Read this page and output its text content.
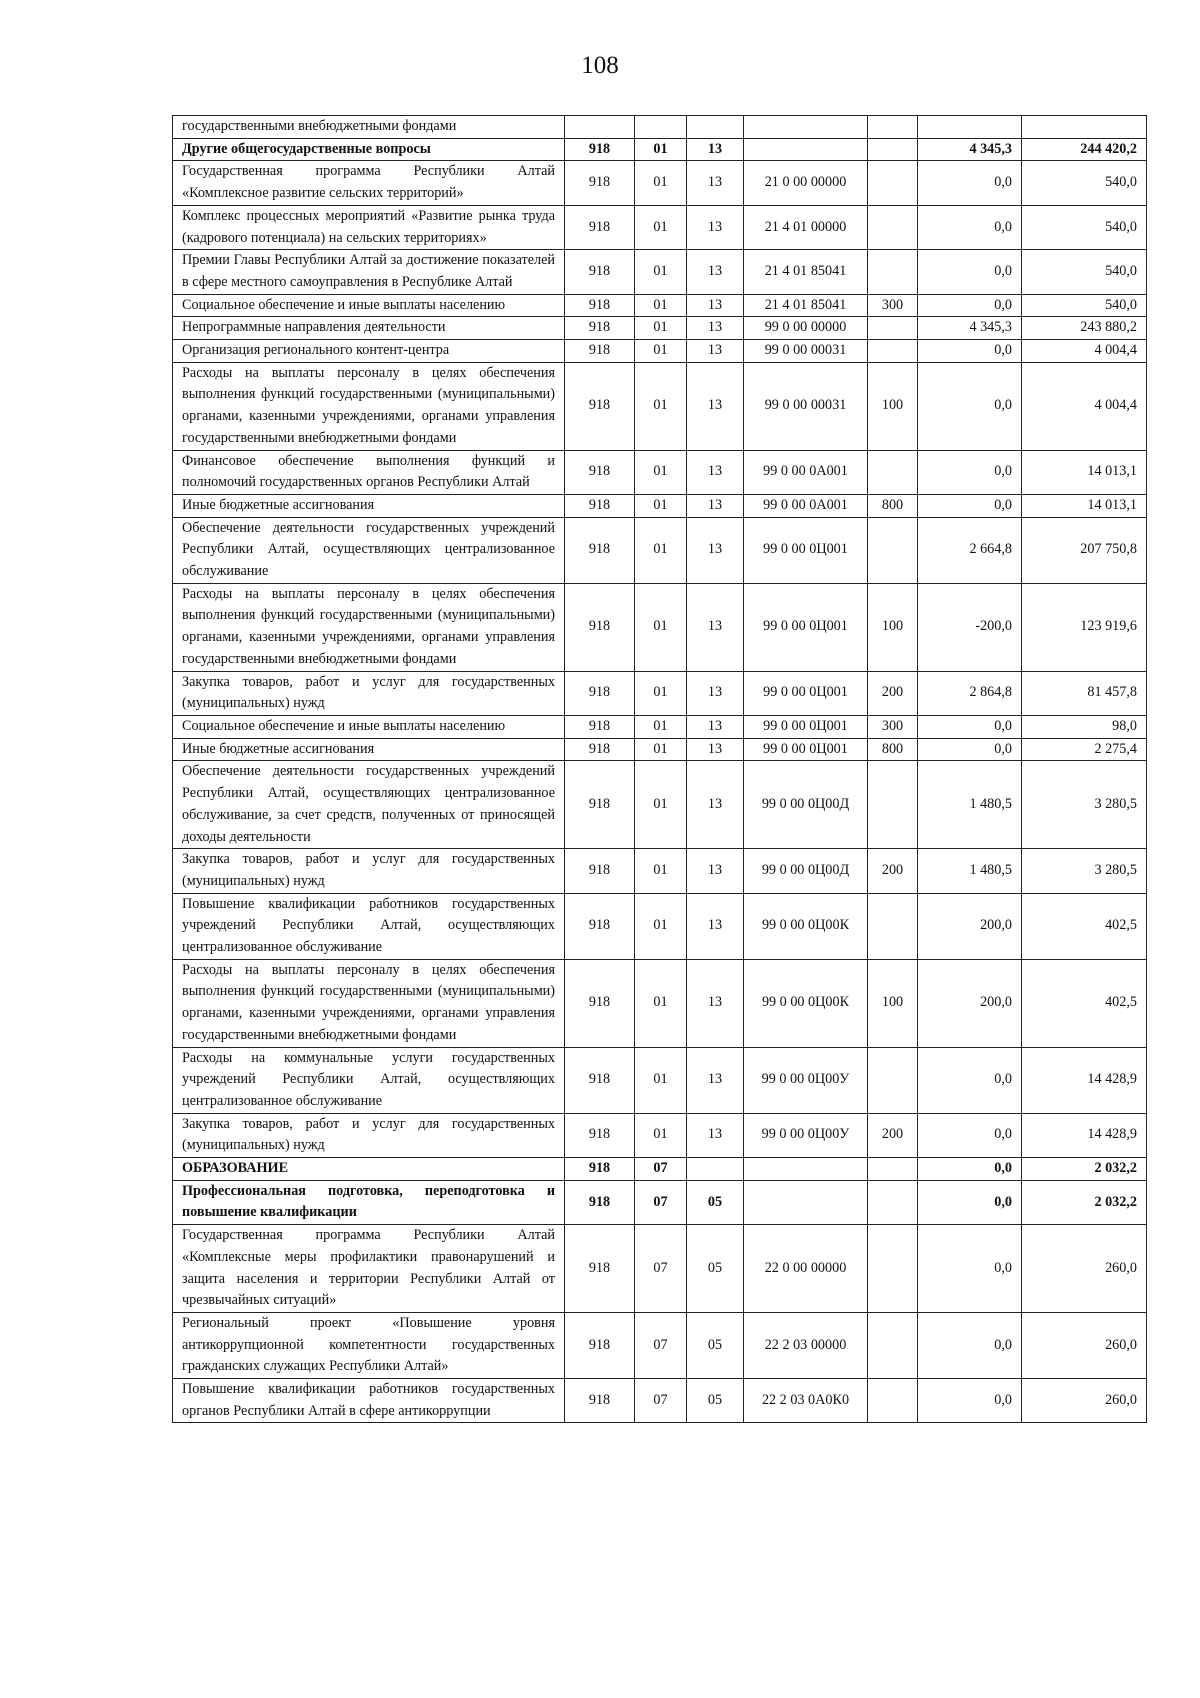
108
государственными внебюджетными фондами							
Другие общегосударственные вопросы	918	01	13			4 345,3	244 420,2
Государственная программа Республики Алтай «Комплексное развитие сельских территорий»	918	01	13	21 0 00 00000		0,0	540,0
Комплекс процессных мероприятий «Развитие рынка труда (кадрового потенциала) на сельских территориях»	918	01	13	21 4 01 00000		0,0	540,0
Премии Главы Республики Алтай за достижение показателей в сфере местного самоуправления в Республике Алтай	918	01	13	21 4 01 85041		0,0	540,0
Социальное обеспечение и иные выплаты населению	918	01	13	21 4 01 85041	300	0,0	540,0
Непрограммные направления деятельности	918	01	13	99 0 00 00000		4 345,3	243 880,2
Организация регионального контент-центра	918	01	13	99 0 00 00031		0,0	4 004,4
Расходы на выплаты персоналу в целях обеспечения выполнения функций государственными (муниципальными) органами, казенными учреждениями, органами управления государственными внебюджетными фондами	918	01	13	99 0 00 00031	100	0,0	4 004,4
Финансовое обеспечение выполнения функций и полномочий государственных органов Республики Алтай	918	01	13	99 0 00 0А001		0,0	14 013,1
Иные бюджетные ассигнования	918	01	13	99 0 00 0А001	800	0,0	14 013,1
Обеспечение деятельности государственных учреждений Республики Алтай, осуществляющих централизованное обслуживание	918	01	13	99 0 00 0Ц001		2 664,8	207 750,8
Расходы на выплаты персоналу в целях обеспечения выполнения функций государственными (муниципальными) органами, казенными учреждениями, органами управления государственными внебюджетными фондами	918	01	13	99 0 00 0Ц001	100	-200,0	123 919,6
Закупка товаров, работ и услуг для государственных (муниципальных) нужд	918	01	13	99 0 00 0Ц001	200	2 864,8	81 457,8
Социальное обеспечение и иные выплаты населению	918	01	13	99 0 00 0Ц001	300	0,0	98,0
Иные бюджетные ассигнования	918	01	13	99 0 00 0Ц001	800	0,0	2 275,4
Обеспечение деятельности государственных учреждений Республики Алтай, осуществляющих централизованное обслуживание, за счет средств, полученных от приносящей доходы деятельности	918	01	13	99 0 00 0Ц00Д		1 480,5	3 280,5
Закупка товаров, работ и услуг для государственных (муниципальных) нужд	918	01	13	99 0 00 0Ц00Д	200	1 480,5	3 280,5
Повышение квалификации работников государственных учреждений Республики Алтай, осуществляющих централизованное обслуживание	918	01	13	99 0 00 0Ц00К		200,0	402,5
Расходы на выплаты персоналу в целях обеспечения выполнения функций государственными (муниципальными) органами, казенными учреждениями, органами управления государственными внебюджетными фондами	918	01	13	99 0 00 0Ц00К	100	200,0	402,5
Расходы на коммунальные услуги государственных учреждений Республики Алтай, осуществляющих централизованное обслуживание	918	01	13	99 0 00 0Ц00У		0,0	14 428,9
Закупка товаров, работ и услуг для государственных (муниципальных) нужд	918	01	13	99 0 00 0Ц00У	200	0,0	14 428,9
ОБРАЗОВАНИЕ	918	07				0,0	2 032,2
Профессиональная подготовка, переподготовка и повышение квалификации	918	07	05			0,0	2 032,2
Государственная программа Республики Алтай «Комплексные меры профилактики правонарушений и защита населения и территории Республики Алтай от чрезвычайных ситуаций»	918	07	05	22 0 00 00000		0,0	260,0
Региональный проект «Повышение уровня антикоррупционной компетентности государственных гражданских служащих Республики Алтай»	918	07	05	22 2 03 00000		0,0	260,0
Повышение квалификации работников государственных органов Республики Алтай в сфере антикоррупции	918	07	05	22 2 03 0А0К0		0,0	260,0
